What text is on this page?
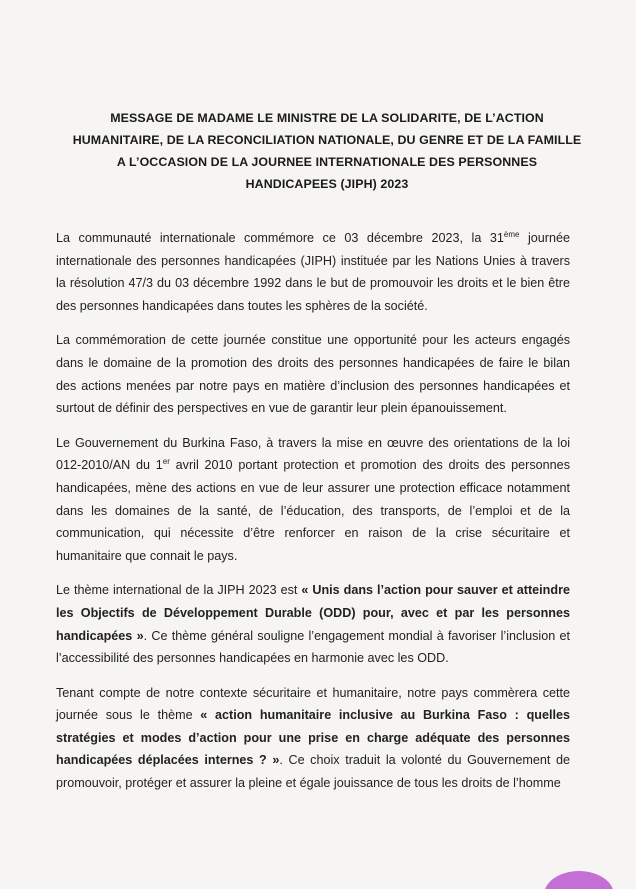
MESSAGE DE MADAME LE MINISTRE DE LA SOLIDARITE, DE L’ACTION HUMANITAIRE, DE LA RECONCILIATION NATIONALE, DU GENRE ET DE LA FAMILLE A L’OCCASION DE LA JOURNEE INTERNATIONALE DES PERSONNES HANDICAPEES (JIPH) 2023

La communauté internationale commémore ce 03 décembre 2023, la 31ème journée internationale des personnes handicapées (JIPH) instituée par les Nations Unies à travers la résolution 47/3 du 03 décembre 1992 dans le but de promouvoir les droits et le bien être des personnes handicapées dans toutes les sphères de la société.

La commémoration de cette journée constitue une opportunité pour les acteurs engagés dans le domaine de la promotion des droits des personnes handicapées de faire le bilan des actions menées par notre pays en matière d’inclusion des personnes handicapées et surtout de définir des perspectives en vue de garantir leur plein épanouissement.

Le Gouvernement du Burkina Faso, à travers la mise en œuvre des orientations de la loi 012-2010/AN du 1er avril 2010 portant protection et promotion des droits des personnes handicapées, mène des actions en vue de leur assurer une protection efficace notamment dans les domaines de la santé, de l’éducation, des transports, de l’emploi et de la communication, qui nécessite d’être renforcer en raison de la crise sécuritaire et humanitaire que connait le pays.

Le thème international de la JIPH 2023 est « Unis dans l’action pour sauver et atteindre les Objectifs de Développement Durable (ODD) pour, avec et par les personnes handicapées ». Ce thème général souligne l’engagement mondial à favoriser l’inclusion et l’accessibilité des personnes handicapées en harmonie avec les ODD.

Tenant compte de notre contexte sécuritaire et humanitaire, notre pays commèrera cette journée sous le thème « action humanitaire inclusive au Burkina Faso : quelles stratégies et modes d’action pour une prise en charge adéquate des personnes handicapées déplacées internes ? ». Ce choix traduit la volonté du Gouvernement de promouvoir, protéger et assurer la pleine et égale jouissance de tous les droits de l’homme
